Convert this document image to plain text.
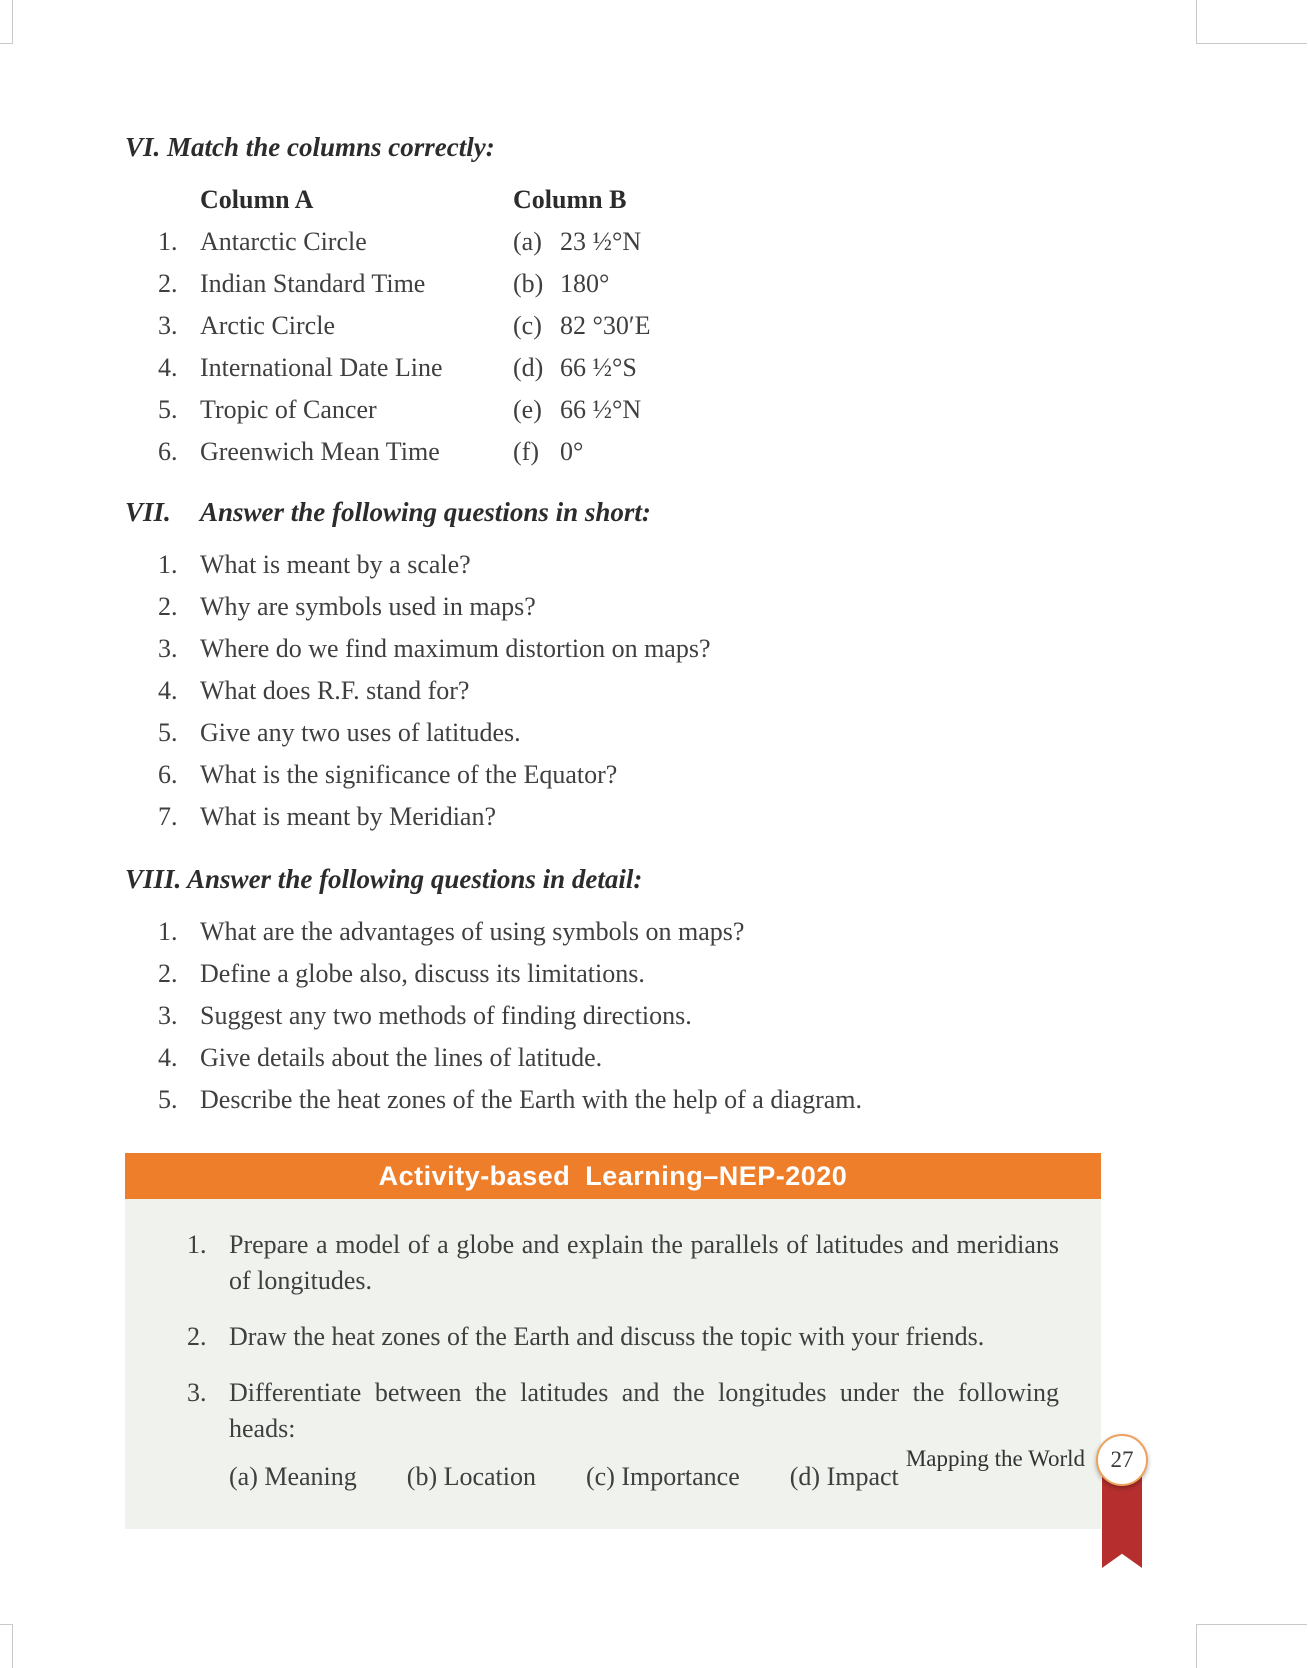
VI. Match the columns correctly:
Column A	Column B
1. Antarctic Circle	(a) 23 ½°N
2. Indian Standard Time	(b) 180°
3. Arctic Circle	(c) 82 °30′E
4. International Date Line	(d) 66 ½°S
5. Tropic of Cancer	(e) 66 ½°N
6. Greenwich Mean Time	(f) 0°
VII.	Answer the following questions in short:
1. What is meant by a scale?
2. Why are symbols used in maps?
3. Where do we find maximum distortion on maps?
4. What does R.F. stand for?
5. Give any two uses of latitudes.
6. What is the significance of the Equator?
7. What is meant by Meridian?
VIII. Answer the following questions in detail:
1. What are the advantages of using symbols on maps?
2. Define a globe also, discuss its limitations.
3. Suggest any two methods of finding directions.
4. Give details about the lines of latitude.
5. Describe the heat zones of the Earth with the help of a diagram.
Activity-based Learning–NEP-2020
1. Prepare a model of a globe and explain the parallels of latitudes and meridians of longitudes.
2. Draw the heat zones of the Earth and discuss the topic with your friends.
3. Differentiate between the latitudes and the longitudes under the following heads:
(a) Meaning (b) Location (c) Importance (d) Impact
Mapping the World 27
